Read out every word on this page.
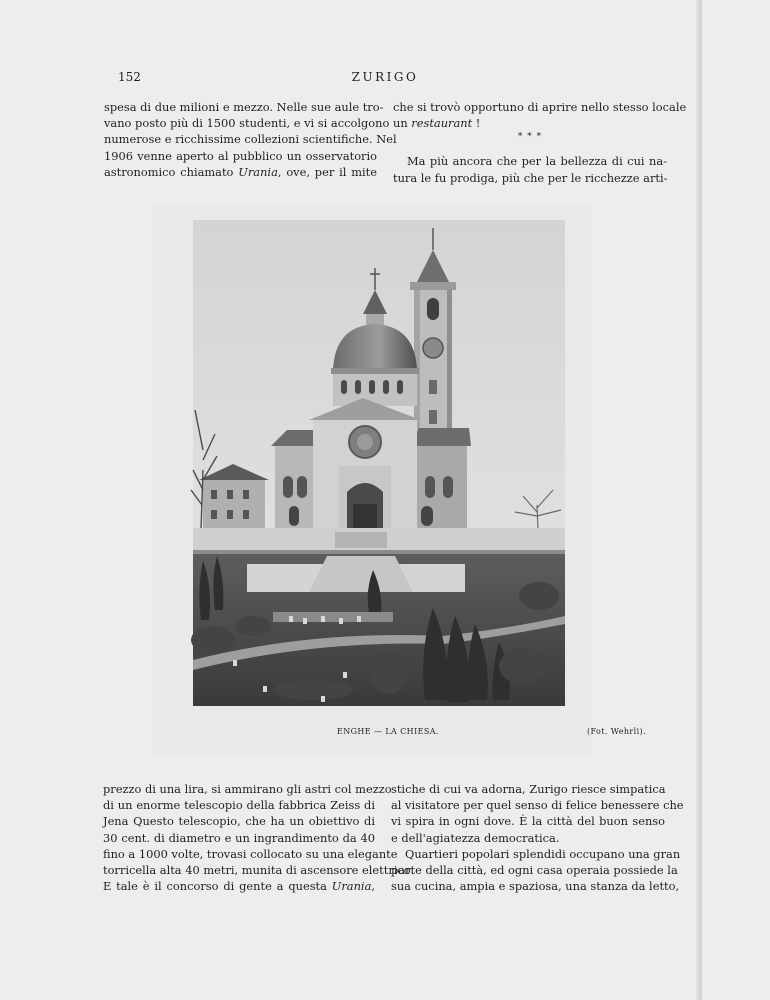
152	ZURIGO
spesa di due milioni e mezzo. Nelle sue aule tro-
vano posto più di 1500 studenti, e vi si accolgono
numerose e ricchissime collezioni scientifiche. Nel
1906 venne aperto al pubblico un osservatorio
astronomico chiamato Urania, ove, per il mite
che si trovò opportuno di aprire nello stesso locale
un restaurant !
* * *
Ma più ancora che per la bellezza di cui na-
tura le fu prodiga, più che per le ricchezze arti-
ENGHE — LA CHIESA.	(Fot. Wehrli).
prezzo di una lira, si ammirano gli astri col mezzo
di un enorme telescopio della fabbrica Zeiss di
Jena Questo telescopio, che ha un obiettivo di
30 cent. di diametro e un ingrandimento da 40
fino a 1000 volte, trovasi collocato su una elegante
torricella alta 40 metri, munita di ascensore elettrico.
E tale è il concorso di gente a questa Urania,
stiche di cui va adorna, Zurigo riesce simpatica
al visitatore per quel senso di felice benessere che
vi spira in ogni dove. È la città del buon senso
e dell'agiatezza democratica.
Quartieri popolari splendidi occupano una gran
parte della città, ed ogni casa operaia possiede la
sua cucina, ampia e spaziosa, una stanza da letto,
